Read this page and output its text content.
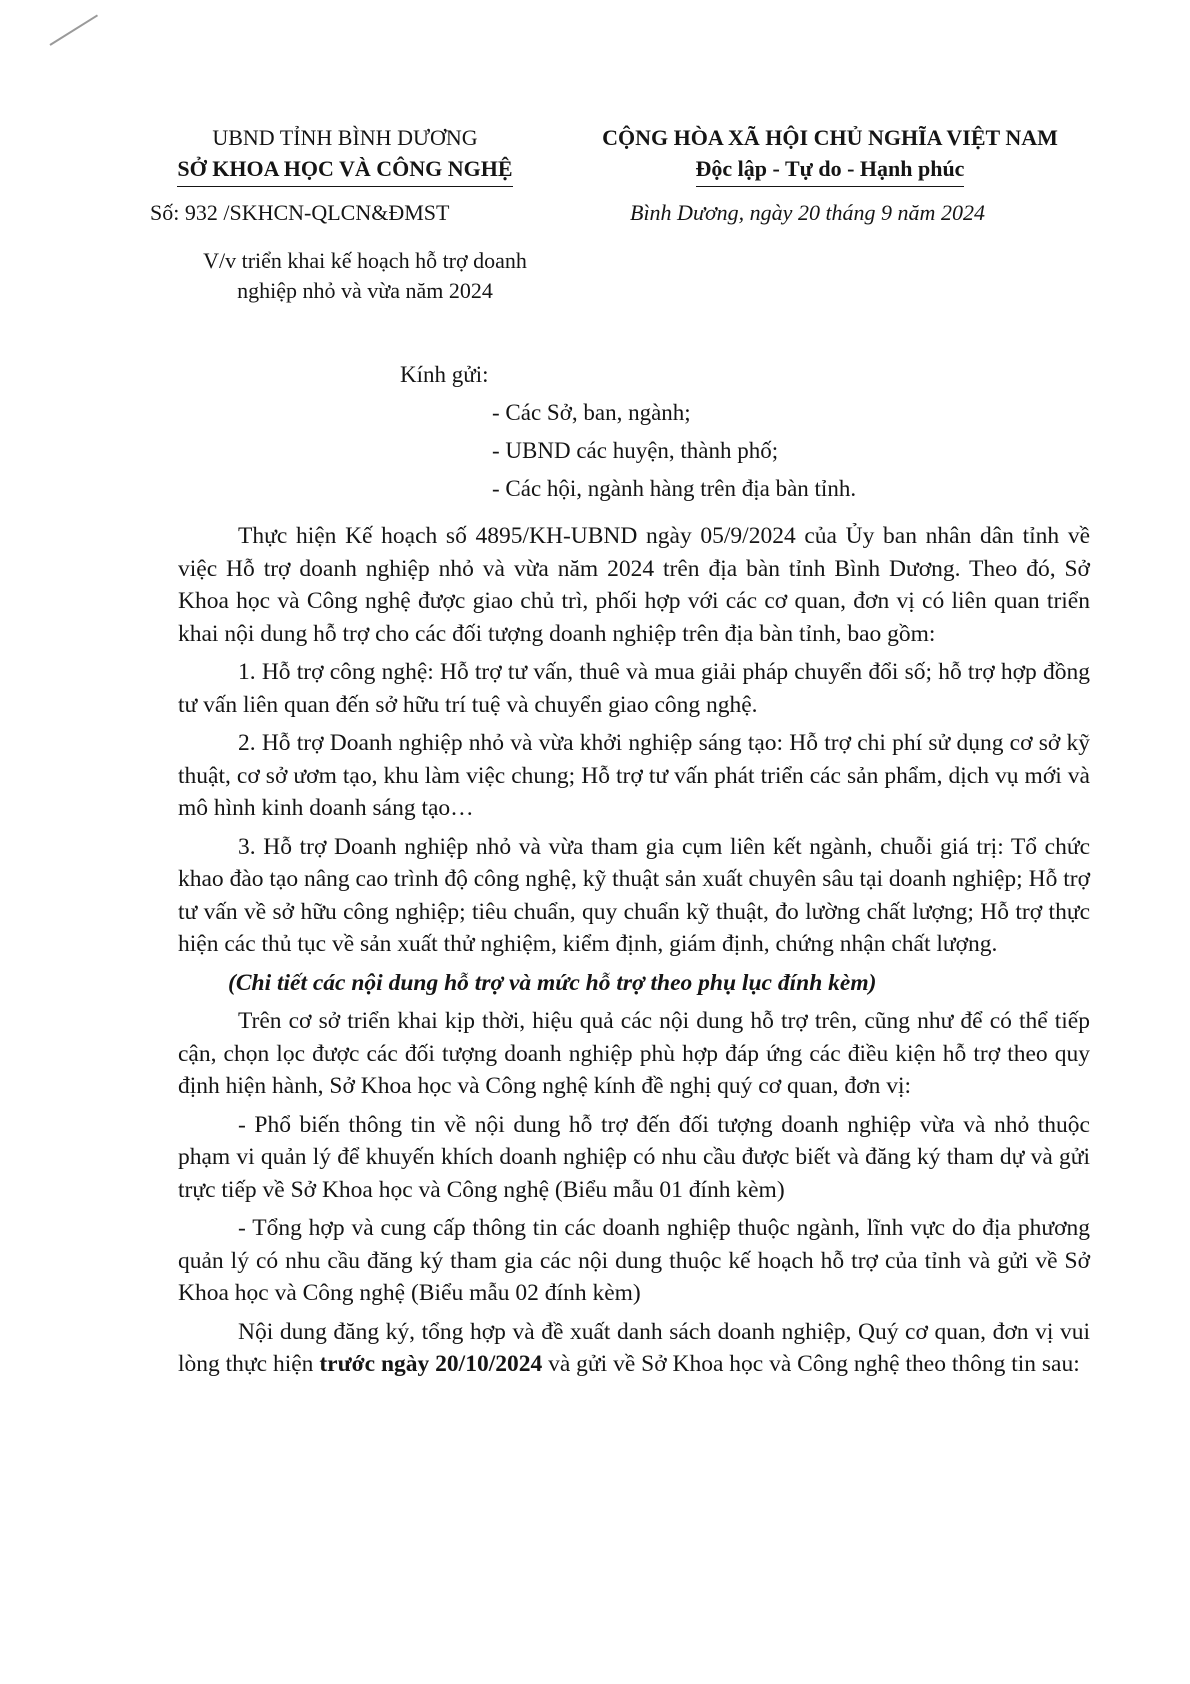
UBND TỈNH BÌNH DƯƠNG
SỞ KHOA HỌC VÀ CÔNG NGHỆ
CỘNG HÒA XÃ HỘI CHỦ NGHĨA VIỆT NAM
Độc lập - Tự do - Hạnh phúc
Số: 932 /SKHCN-QLCN&ĐMST	Bình Dương, ngày 20 tháng 9 năm 2024
V/v triển khai kế hoạch hỗ trợ doanh
nghiệp nhỏ và vừa năm 2024
Kính gửi:
- Các Sở, ban, ngành;
- UBND các huyện, thành phố;
- Các hội, ngành hàng trên địa bàn tỉnh.

Thực hiện Kế hoạch số 4895/KH-UBND ngày 05/9/2024 của Ủy ban nhân dân tỉnh về việc Hỗ trợ doanh nghiệp nhỏ và vừa năm 2024 trên địa bàn tỉnh Bình Dương. Theo đó, Sở Khoa học và Công nghệ được giao chủ trì, phối hợp với các cơ quan, đơn vị có liên quan triển khai nội dung hỗ trợ cho các đối tượng doanh nghiệp trên địa bàn tỉnh, bao gồm:

1. Hỗ trợ công nghệ: Hỗ trợ tư vấn, thuê và mua giải pháp chuyển đổi số; hỗ trợ hợp đồng tư vấn liên quan đến sở hữu trí tuệ và chuyển giao công nghệ.

2. Hỗ trợ Doanh nghiệp nhỏ và vừa khởi nghiệp sáng tạo: Hỗ trợ chi phí sử dụng cơ sở kỹ thuật, cơ sở ươm tạo, khu làm việc chung; Hỗ trợ tư vấn phát triển các sản phẩm, dịch vụ mới và mô hình kinh doanh sáng tạo…

3. Hỗ trợ Doanh nghiệp nhỏ và vừa tham gia cụm liên kết ngành, chuỗi giá trị: Tổ chức khao đào tạo nâng cao trình độ công nghệ, kỹ thuật sản xuất chuyên sâu tại doanh nghiệp; Hỗ trợ tư vấn về sở hữu công nghiệp; tiêu chuẩn, quy chuẩn kỹ thuật, đo lường chất lượng; Hỗ trợ thực hiện các thủ tục về sản xuất thử nghiệm, kiểm định, giám định, chứng nhận chất lượng.

(Chi tiết các nội dung hỗ trợ và mức hỗ trợ theo phụ lục đính kèm)

Trên cơ sở triển khai kịp thời, hiệu quả các nội dung hỗ trợ trên, cũng như để có thể tiếp cận, chọn lọc được các đối tượng doanh nghiệp phù hợp đáp ứng các điều kiện hỗ trợ theo quy định hiện hành, Sở Khoa học và Công nghệ kính đề nghị quý cơ quan, đơn vị:

- Phổ biến thông tin về nội dung hỗ trợ đến đối tượng doanh nghiệp vừa và nhỏ thuộc phạm vi quản lý để khuyến khích doanh nghiệp có nhu cầu được biết và đăng ký tham dự và gửi trực tiếp về Sở Khoa học và Công nghệ (Biểu mẫu 01 đính kèm)

- Tổng hợp và cung cấp thông tin các doanh nghiệp thuộc ngành, lĩnh vực do địa phương quản lý có nhu cầu đăng ký tham gia các nội dung thuộc kế hoạch hỗ trợ của tỉnh và gửi về Sở Khoa học và Công nghệ (Biểu mẫu 02 đính kèm)

Nội dung đăng ký, tổng hợp và đề xuất danh sách doanh nghiệp, Quý cơ quan, đơn vị vui lòng thực hiện trước ngày 20/10/2024 và gửi về Sở Khoa học và Công nghệ theo thông tin sau:
